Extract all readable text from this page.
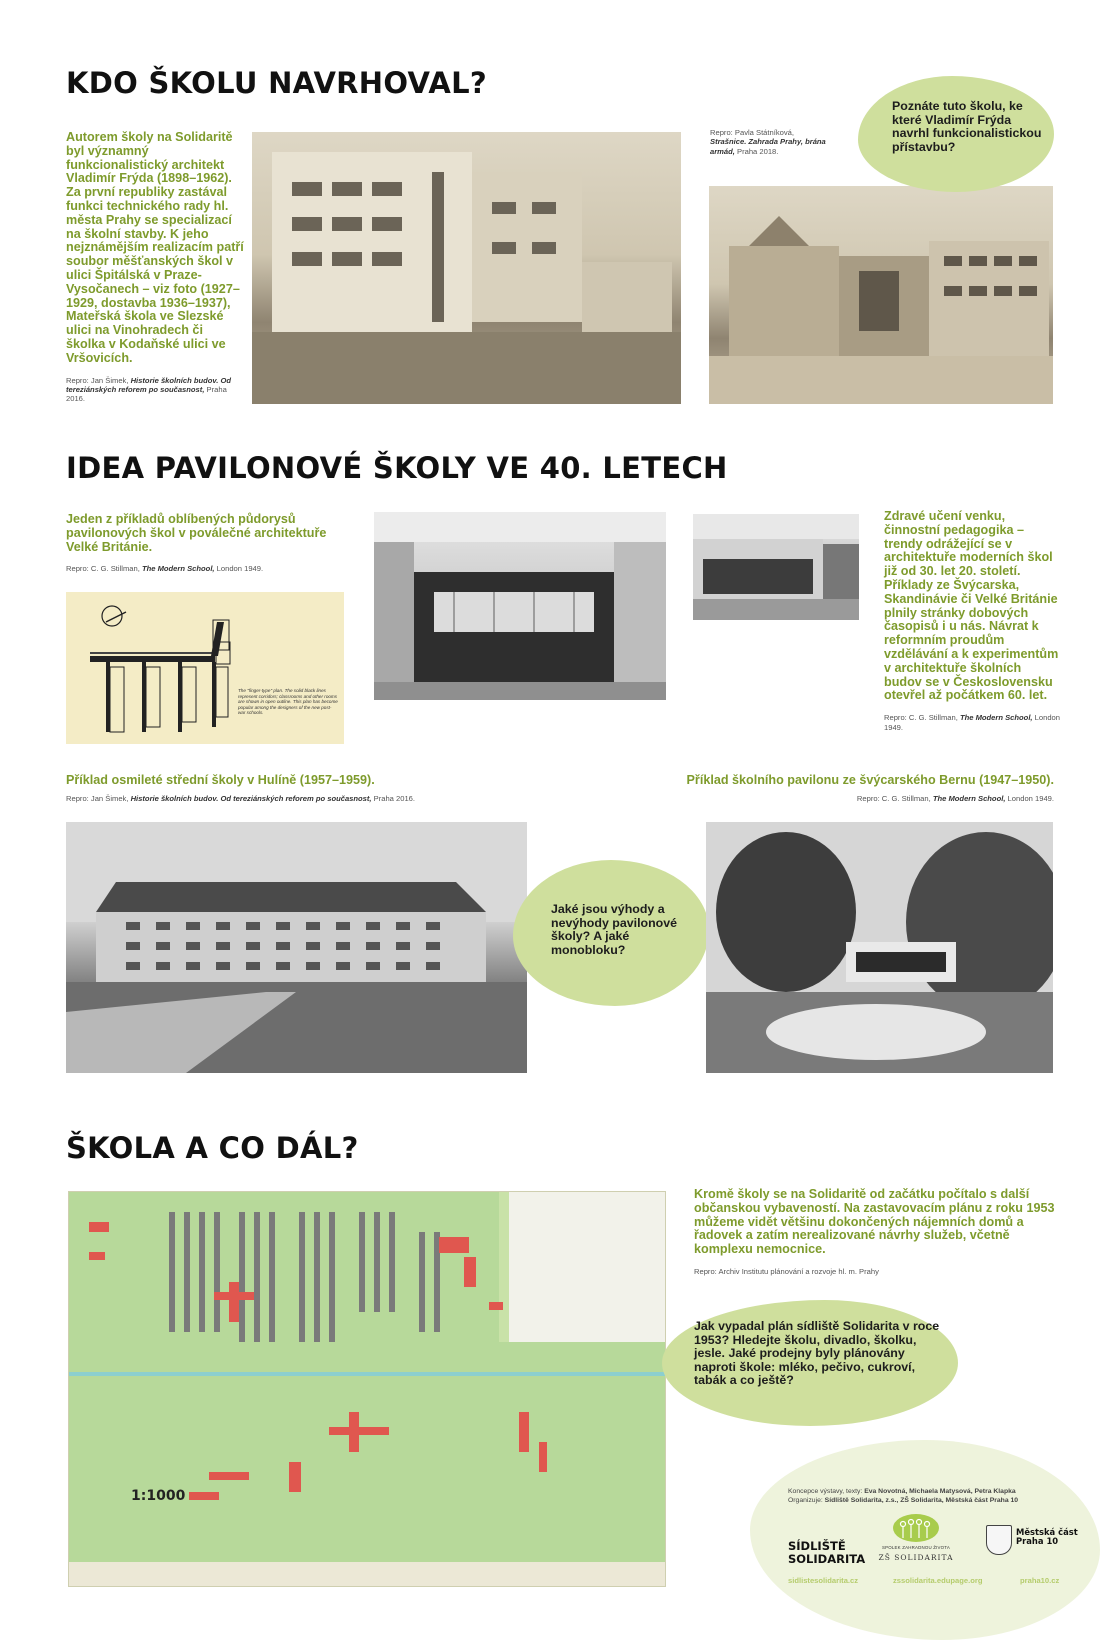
KDO ŠKOLU NAVRHOVAL?
Autorem školy na Solidaritě byl významný funkcionalistický architekt Vladimír Frýda (1898–1962). Za první republiky zastával funkci technického rady hl. města Prahy se specializací na školní stavby. K jeho nejznámějším realizacím patří soubor měšťanských škol v ulici Špitálská v Praze-Vysočanech – viz foto (1927–1929, dostavba 1936–1937), Mateřská škola ve Slezské ulici na Vinohradech či školka v Kodaňské ulici ve Vršovicích.
Repro: Jan Šimek, Historie školních budov. Od tereziánských reforem po současnost, Praha 2016.
Repro: Pavla Státníková, Strašnice. Zahrada Prahy, brána armád, Praha 2018.
Poznáte tuto školu, ke které Vladimír Frýda navrhl funkcionalistickou přístavbu?
IDEA PAVILONOVÉ ŠKOLY VE 40. LETECH
Jeden z příkladů oblíbených půdorysů pavilonových škol v poválečné architektuře Velké Británie.
Repro: C. G. Stillman, The Modern School, London 1949.
The "finger-type" plan. The solid black lines represent corridors; classrooms and other rooms are shown in open outline. This plan has become popular among the designers of the new post-war schools.
Zdravé učení venku, činnostní pedagogika – trendy odrážející se v architektuře moderních škol již od 30. let 20. století. Příklady ze Švýcarska, Skandinávie či Velké Británie plnily stránky dobových časopisů i u nás. Návrat k reformním proudům vzdělávání a k experimentům v architektuře školních budov se v Československu otevřel až počátkem 60. let.
Repro: C. G. Stillman, The Modern School, London 1949.
Příklad osmileté střední školy v Hulíně (1957–1959).
Repro: Jan Šimek, Historie školních budov. Od tereziánských reforem po současnost, Praha 2016.
Příklad školního pavilonu ze švýcarského Bernu (1947–1950).
Repro: C. G. Stillman, The Modern School, London 1949.
Jaké jsou výhody a nevýhody pavilonové školy? A jaké monobloku?
ŠKOLA A CO DÁL?
1:1000
Kromě školy se na Solidaritě od začátku počítalo s další občanskou vybaveností. Na zastavovacím plánu z roku 1953 můžeme vidět většinu dokončených nájemních domů a řadovek a zatím nerealizované návrhy služeb, včetně komplexu nemocnice.
Repro: Archiv Institutu plánování a rozvoje hl. m. Prahy
Jak vypadal plán sídliště Solidarita v roce 1953? Hledejte školu, divadlo, školku, jesle. Jaké prodejny byly plánovány naproti škole: mléko, pečivo, cukroví, tabák a co ještě?
Koncepce výstavy, texty: Eva Novotná, Michaela Matysová, Petra Klapka
Organizuje: Sídliště Solidarita, z.s., ZŠ Solidarita, Městská část Praha 10
SÍDLIŠTĚ SOLIDARITA
SPOLEK ZAHRADNOU ŽIVOTA
ZŠ SOLIDARITA
Městská část Praha 10
sidlistesolidarita.cz	zssolidarita.edupage.org	praha10.cz
